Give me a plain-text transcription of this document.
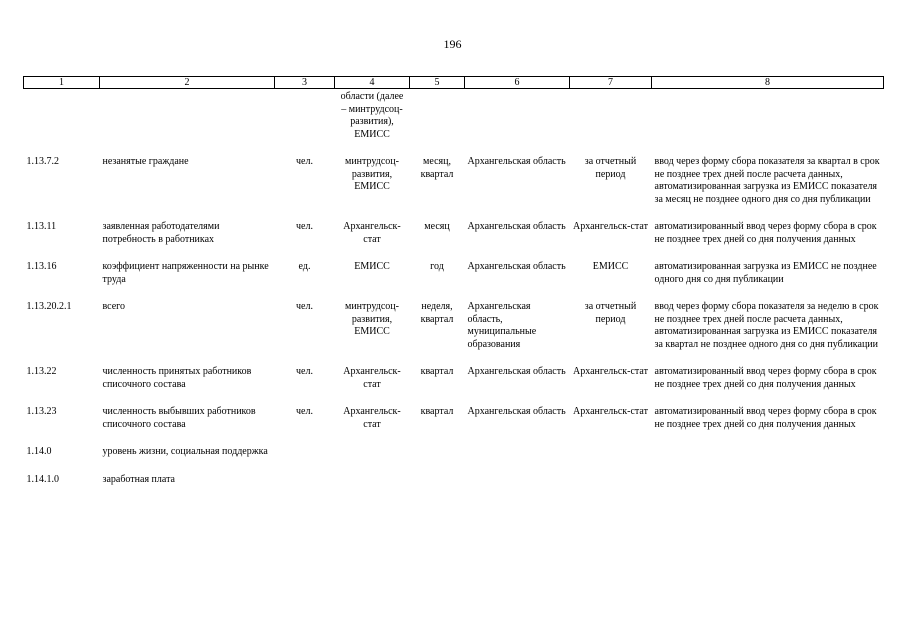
196
1	2	3	4	5	6	7	8
			области (далее – минтрудсоц-развития), ЕМИСС				
1.13.7.2	незанятые граждане	чел.	минтрудсоц-развития, ЕМИСС	месяц, квартал	Архангельская область	за отчетный период	ввод через форму сбора показателя за квартал в срок не позднее трех дней после расчета данных, автоматизированная загрузка из ЕМИСС показателя за месяц не позднее одного дня со дня публикации
1.13.11	заявленная работодателями потребность в работниках	чел.	Архангельск-стат	месяц	Архангельская область	Архангельск-стат	автоматизированный ввод через форму сбора в срок не позднее трех дней со дня получения данных
1.13.16	коэффициент напряженности на рынке труда	ед.	ЕМИСС	год	Архангельская область	ЕМИСС	автоматизированная загрузка из ЕМИСС не позднее одного дня со дня публикации
1.13.20.2.1	всего	чел.	минтрудсоц-развития, ЕМИСС	неделя, квартал	Архангельская область, муниципальные образования	за отчетный период	ввод через форму сбора показателя за неделю в срок не позднее трех дней после расчета данных, автоматизированная загрузка из ЕМИСС показателя за квартал не позднее одного дня со дня публикации
1.13.22	численность принятых работников списочного состава	чел.	Архангельск-стат	квартал	Архангельская область	Архангельск-стат	автоматизированный ввод через форму сбора в срок не позднее трех дней со дня получения данных
1.13.23	численность выбывших работников списочного состава	чел.	Архангельск-стат	квартал	Архангельская область	Архангельск-стат	автоматизированный ввод через форму сбора в срок не позднее трех дней со дня получения данных
1.14.0	уровень жизни, социальная поддержка						
1.14.1.0	заработная плата						
